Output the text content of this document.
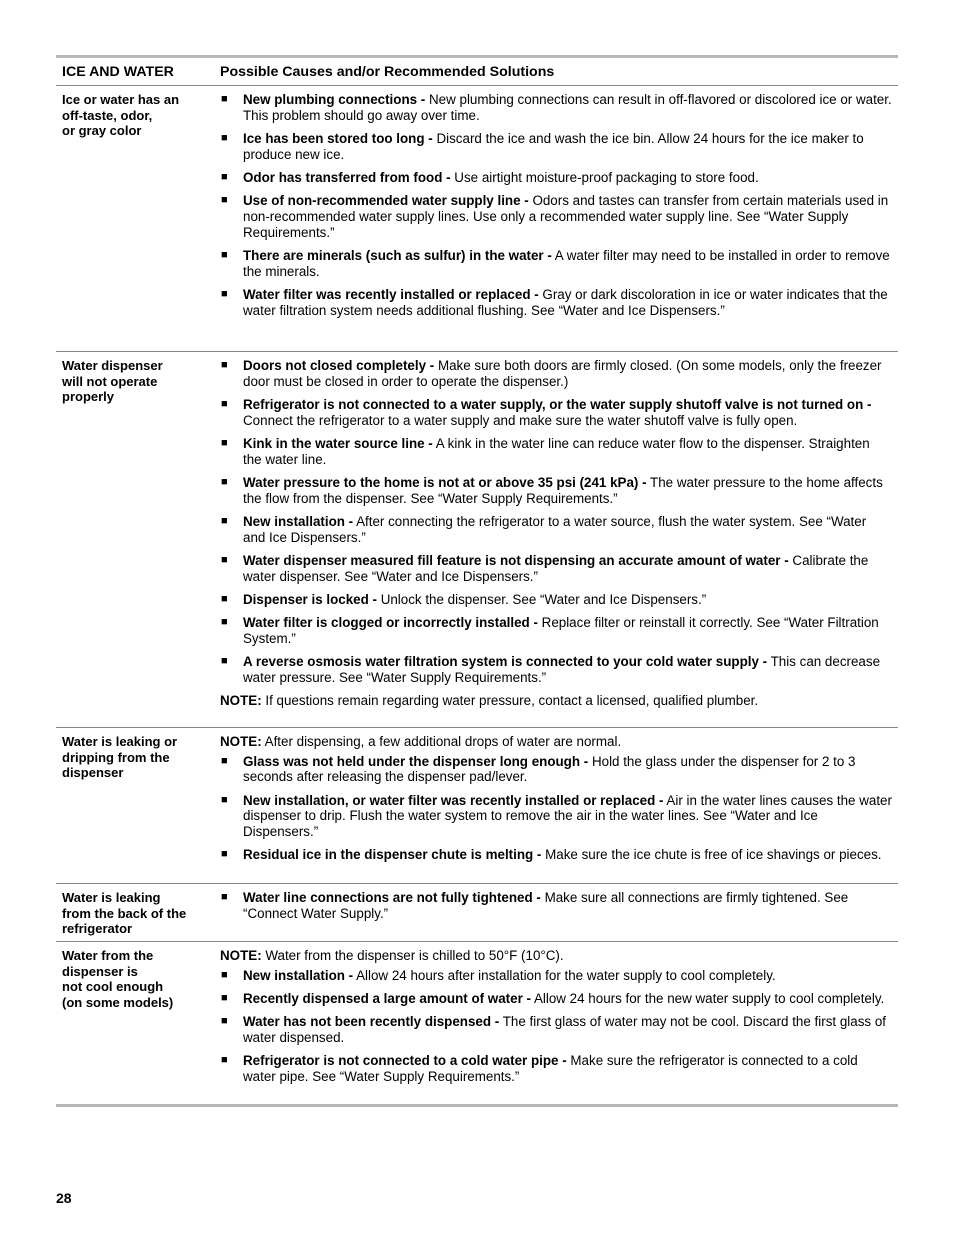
ICE AND WATER	Possible Causes and/or Recommended Solutions
Ice or water has an
off-taste, odor,
or gray color
■
New plumbing connections - New plumbing connections can result in off-flavored or discolored ice or water. This problem should go away over time.
■
Ice has been stored too long - Discard the ice and wash the ice bin. Allow 24 hours for the ice maker to produce new ice.
■
Odor has transferred from food - Use airtight moisture-proof packaging to store food.
■
Use of non-recommended water supply line - Odors and tastes can transfer from certain materials used in non-recommended water supply lines. Use only a recommended water supply line. See “Water Supply Requirements.”
■
There are minerals (such as sulfur) in the water - A water filter may need to be installed in order to remove the minerals.
■
Water filter was recently installed or replaced - Gray or dark discoloration in ice or water indicates that the water filtration system needs additional flushing. See “Water and Ice Dispensers.”
Water dispenser
will not operate
properly
■
Doors not closed completely - Make sure both doors are firmly closed. (On some models, only the freezer door must be closed in order to operate the dispenser.)
■
Refrigerator is not connected to a water supply, or the water supply shutoff valve is not turned on - Connect the refrigerator to a water supply and make sure the water shutoff valve is fully open.
■
Kink in the water source line - A kink in the water line can reduce water flow to the dispenser. Straighten the water line.
■
Water pressure to the home is not at or above 35 psi (241 kPa) - The water pressure to the home affects the flow from the dispenser. See “Water Supply Requirements.”
■
New installation - After connecting the refrigerator to a water source, flush the water system. See “Water and Ice Dispensers.”
■
Water dispenser measured fill feature is not dispensing an accurate amount of water - Calibrate the water dispenser. See “Water and Ice Dispensers.”
■
Dispenser is locked - Unlock the dispenser. See “Water and Ice Dispensers.”
■
Water filter is clogged or incorrectly installed - Replace filter or reinstall it correctly. See “Water Filtration System.”
■
A reverse osmosis water filtration system is connected to your cold water supply - This can decrease water pressure. See “Water Supply Requirements.”
NOTE: If questions remain regarding water pressure, contact a licensed, qualified plumber.
Water is leaking or
dripping from the
dispenser
NOTE: After dispensing, a few additional drops of water are normal.
■
Glass was not held under the dispenser long enough - Hold the glass under the dispenser for 2 to 3 seconds after releasing the dispenser pad/lever.
■
New installation, or water filter was recently installed or replaced - Air in the water lines causes the water dispenser to drip. Flush the water system to remove the air in the water lines. See “Water and Ice Dispensers.”
■
Residual ice in the dispenser chute is melting - Make sure the ice chute is free of ice shavings or pieces.
Water is leaking
from the back of the
refrigerator
■
Water line connections are not fully tightened - Make sure all connections are firmly tightened. See “Connect Water Supply.”
Water from the
dispenser is
not cool enough
(on some models)
NOTE: Water from the dispenser is chilled to 50°F (10°C).
■
New installation - Allow 24 hours after installation for the water supply to cool completely.
■
Recently dispensed a large amount of water - Allow 24 hours for the new water supply to cool completely.
■
Water has not been recently dispensed - The first glass of water may not be cool. Discard the first glass of water dispensed.
■
Refrigerator is not connected to a cold water pipe - Make sure the refrigerator is connected to a cold water pipe. See “Water Supply Requirements.”
28
